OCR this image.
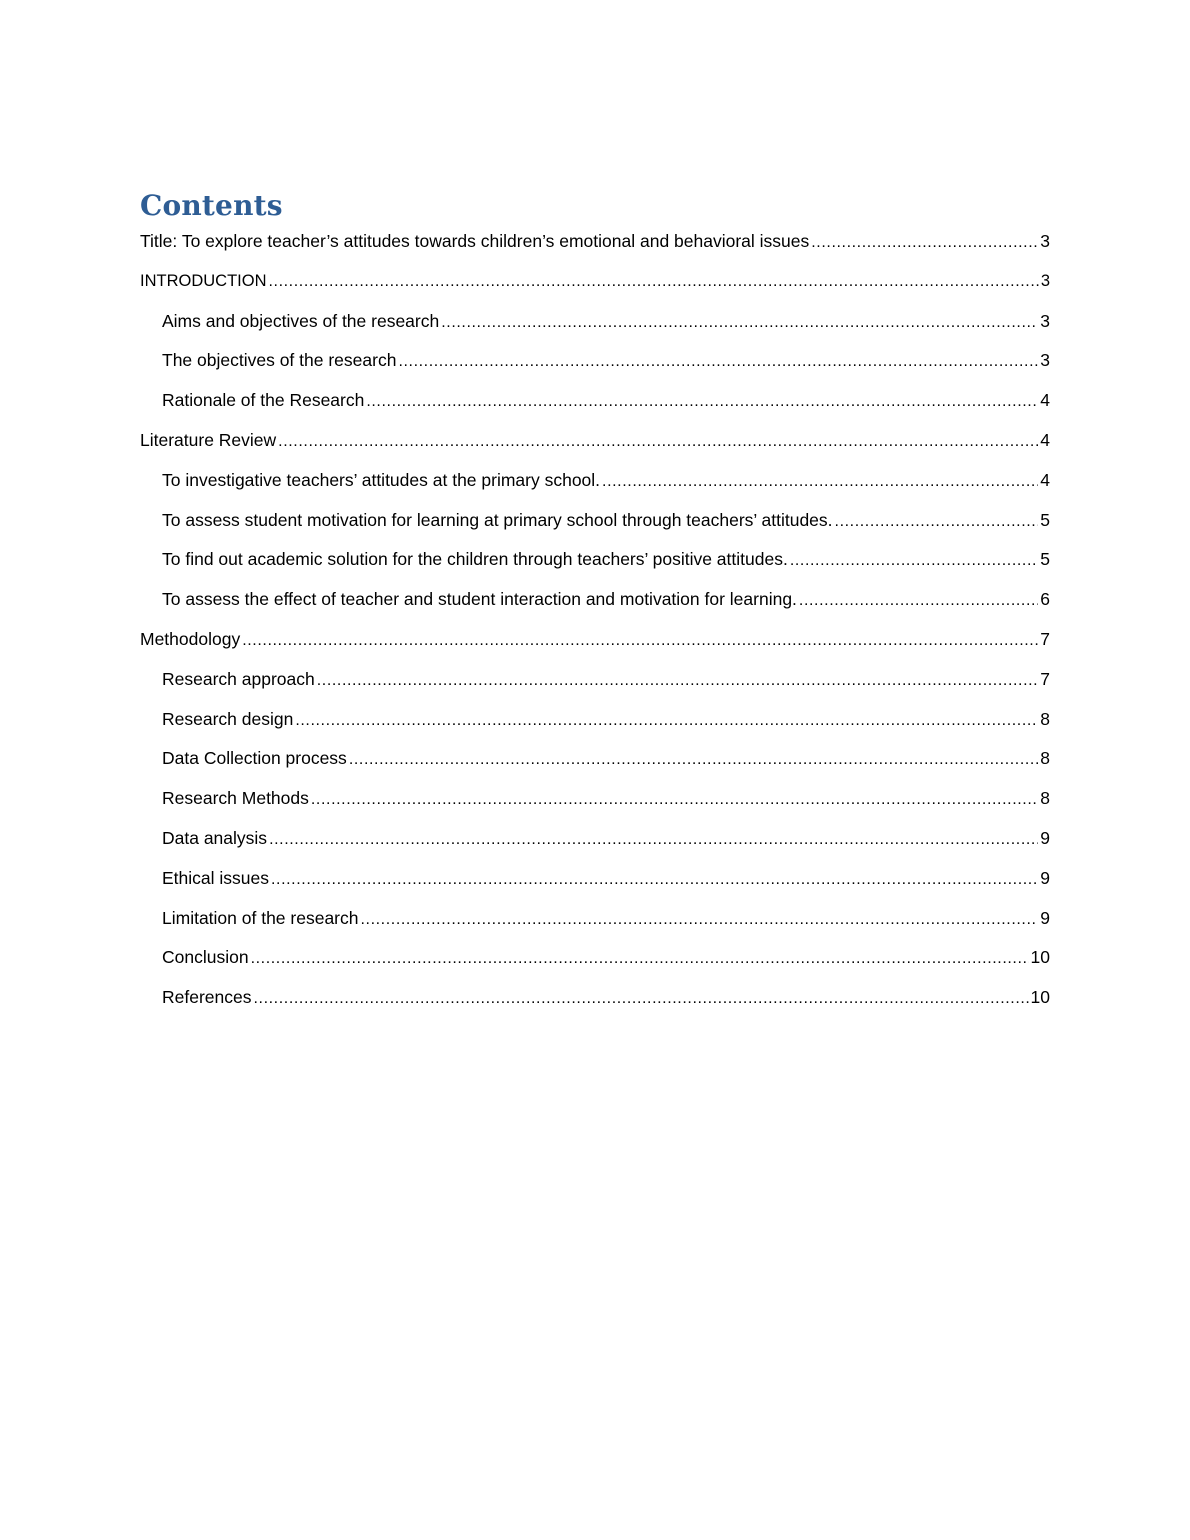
Contents
Title: To explore teacher’s attitudes towards children’s emotional and behavioral issues .....	3
INTRODUCTION .....	3
Aims and objectives of the research .....	3
The objectives of the research .....	3
Rationale of the Research .....	4
Literature Review .....	4
To investigative teachers’ attitudes at the primary school. .....	4
To assess student motivation for learning at primary school through teachers’ attitudes. .....	5
To find out academic solution for the children through teachers’ positive attitudes. .....	5
To assess the effect of teacher and student interaction and motivation for learning. .....	6
Methodology .....	7
Research approach .....	7
Research design .....	8
Data Collection process .....	8
Research Methods .....	8
Data analysis .....	9
Ethical issues .....	9
Limitation of the research .....	9
Conclusion .....	10
References .....	10
